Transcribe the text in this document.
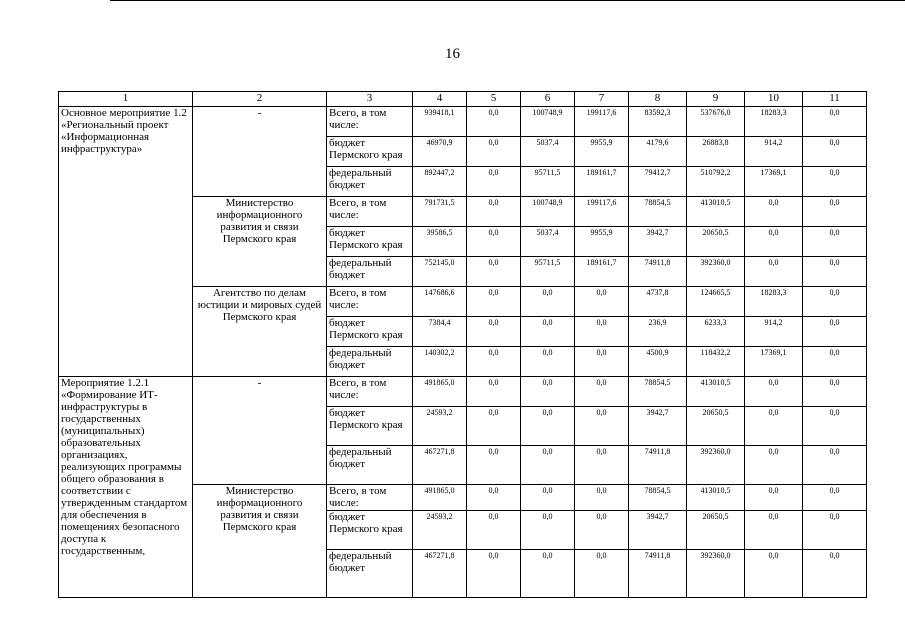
16
1	2	3	4	5	6	7	8	9	10	11
Основное мероприятие 1.2 «Региональный проект «Информационная инфраструктура»	-	Всего, в том числе:	939418,1	0,0	100748,9	199117,6	83592,3	537676,0	18283,3	0,0
		бюджет Пермского края	46970,9	0,0	5037,4	9955,9	4179,6	26883,8	914,2	0,0
		федеральный бюджет	892447,2	0,0	95711,5	189161,7	79412,7	510792,2	17369,1	0,0
	Министерство информационного развития и связи Пермского края	Всего, в том числе:	791731,5	0,0	100748,9	199117,6	78854,5	413010,5	0,0	0,0
		бюджет Пермского края	39586,5	0,0	5037,4	9955,9	3942,7	20650,5	0,0	0,0
		федеральный бюджет	752145,0	0,0	95711,5	189161,7	74911,8	392360,0	0,0	0,0
	Агентство по делам юстиции и мировых судей Пермского края	Всего, в том числе:	147686,6	0,0	0,0	0,0	4737,8	124665,5	18283,3	0,0
		бюджет Пермского края	7384,4	0,0	0,0	0,0	236,9	6233,3	914,2	0,0
		федеральный бюджет	140302,2	0,0	0,0	0,0	4500,9	118432,2	17369,1	0,0
Мероприятие 1.2.1 «Формирование ИТ-инфраструктуры в государственных (муниципальных) образовательных организациях, реализующих программы общего образования в соответствии с утвержденным стандартом для обеспечения в помещениях безопасного доступа к государственным,	-	Всего, в том числе:	491865,0	0,0	0,0	0,0	78854,5	413010,5	0,0	0,0
		бюджет Пермского края	24593,2	0,0	0,0	0,0	3942,7	20650,5	0,0	0,0
		федеральный бюджет	467271,8	0,0	0,0	0,0	74911,8	392360,0	0,0	0,0
	Министерство информационного развития и связи Пермского края	Всего, в том числе:	491865,0	0,0	0,0	0,0	78854,5	413010,5	0,0	0,0
		бюджет Пермского края	24593,2	0,0	0,0	0,0	3942,7	20650,5	0,0	0,0
		федеральный бюджет	467271,8	0,0	0,0	0,0	74911,8	392360,0	0,0	0,0
